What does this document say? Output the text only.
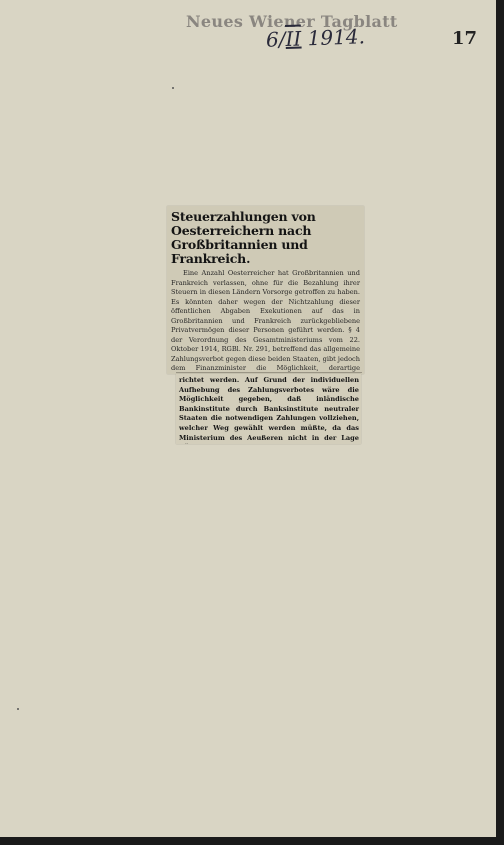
Neues Wiener Tagblatt
6/II 1914.	17
Steuerzahlungen von Oesterreichern nach Großbritannien und Frankreich.

Eine Anzahl Oesterreicher hat Großbritannien und Frankreich verlassen, ohne für die Bezahlung ihrer Steuern in diesen Ländern Vorsorge getroffen zu haben. Es könnten daher wegen der Nichtzahlung dieser öffentlichen Abgaben Exekutionen auf das in Großbritannien und Frankreich zurückgebliebene Privatvermögen dieser Personen geführt werden. § 4 der Verordnung des Gesamtministeriums vom 22. Oktober 1914, RGBl. Nr. 291, betreffend das allgemeine Zahlungsverbot gegen diese beiden Staaten, gibt jedoch dem Finanzminister die Möglichkeit, derartige

richtet werden. Auf Grund der individuellen Aufhebung des Zahlungsverbotes wäre die Möglichkeit gegeben, daß inländische Bankinstitute durch Banksinstitute neutraler Staaten die notwendigen Zahlungen vollziehen, welcher Weg gewählt werden müßte, da das Ministerium des Aeußeren nicht in der Lage
